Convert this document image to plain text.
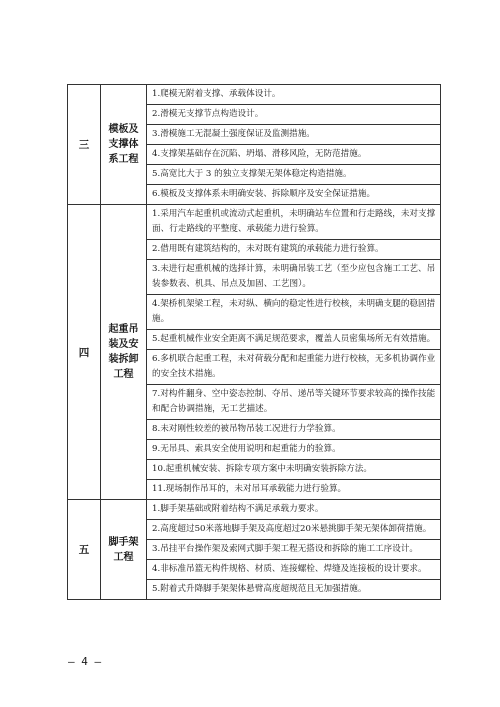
三
模板及支撑体系工程
1.爬模无附着支撑、承载体设计。
2.滑模无支撑节点构造设计。
3.滑模施工无混凝土强度保证及监测措施。
4.支撑架基础存在沉陷、坍塌、滑移风险，无防范措施。
5.高宽比大于 3 的独立支撑架无架体稳定构造措施。
6.模板及支撑体系未明确安装、拆除顺序及安全保证措施。
四
起重吊装及安装拆卸工程
1.采用汽车起重机或流动式起重机，未明确站车位置和行走路线，未对支撑面、行走路线的平整度、承载能力进行验算。
2.借用既有建筑结构的，未对既有建筑的承载能力进行验算。
3.未进行起重机械的选择计算，未明确吊装工艺（至少应包含施工工艺、吊装参数表、机具、吊点及加固、工艺图）。
4.架桥机架梁工程，未对纵、横向的稳定性进行校核，未明确支腿的稳固措施。
5.起重机械作业安全距离不满足规范要求，覆盖人员密集场所无有效措施。
6.多机联合起重工程，未对荷载分配和起重能力进行校核，无多机协调作业的安全技术措施。
7.对构件翻身、空中姿态控制、夺吊、递吊等关键环节要求较高的操作技能和配合协调措施，无工艺描述。
8.未对刚性较差的被吊物吊装工况进行力学验算。
9.无吊具、索具安全使用说明和起重能力的验算。
10.起重机械安装、拆除专项方案中未明确安装拆除方法。
11.现场制作吊耳的，未对吊耳承载能力进行验算。
五
脚手架工程
1.脚手架基础或附着结构不满足承载力要求。
2.高度超过50米落地脚手架及高度超过20米悬挑脚手架无架体卸荷措施。
3.吊挂平台操作架及索网式脚手架工程无搭设和拆除的施工工序设计。
4.非标准吊篮无构件规格、材质、连接螺栓、焊缝及连接板的设计要求。
5.附着式升降脚手架架体悬臂高度超规范且无加强措施。
— 4 —
